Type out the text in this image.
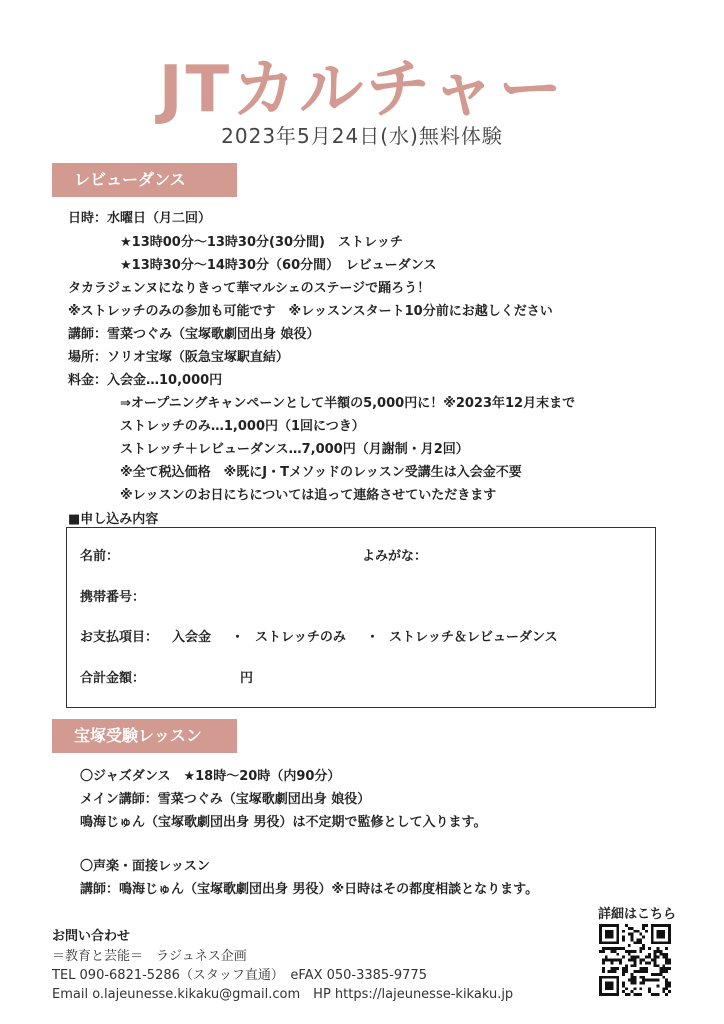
JTカルチャー
2023年5月24日(水)無料体験
レビューダンス
日時：水曜日（月二回）
★13時00分〜13時30分(30分間)　ストレッチ
★13時30分〜14時30分（60分間）　レビューダンス
タカラジェンヌになりきって華マルシェのステージで踊ろう！
※ストレッチのみの参加も可能です　※レッスンスタート10分前にお越しください
講師：雪菜つぐみ（宝塚歌劇団出身 娘役）
場所：ソリオ宝塚（阪急宝塚駅直結）
料金：入会金…10,000円
⇒オープニングキャンペーンとして半額の5,000円に！※2023年12月末まで
ストレッチのみ…1,000円（1回につき）
ストレッチ＋レビューダンス…7,000円（月謝制・月2回）
※全て税込価格　※既にJ・Tメソッドのレッスン受講生は入会金不要
※レッスンのお日にちについては追って連絡させていただきます
■申し込み内容
名前：	よみがな：
携帯番号：
お支払項目： 入会金 ・ ストレッチのみ ・ ストレッチ＆レビューダンス
合計金額：	円
宝塚受験レッスン
〇ジャズダンス　★18時〜20時（内90分）
メイン講師：雪菜つぐみ（宝塚歌劇団出身 娘役）
鳴海じゅん（宝塚歌劇団出身 男役）は不定期で監修として入ります。
〇声楽・面接レッスン
講師：鳴海じゅん（宝塚歌劇団出身 男役）※日時はその都度相談となります。
お問い合わせ
＝教育と芸能＝　ラジュネス企画
TEL 090-6821-5286（スタッフ直通）　eFAX 050-3385-9775
Email o.lajeunesse.kikaku@gmail.com　HP https://lajeunesse-kikaku.jp
詳細はこちら
